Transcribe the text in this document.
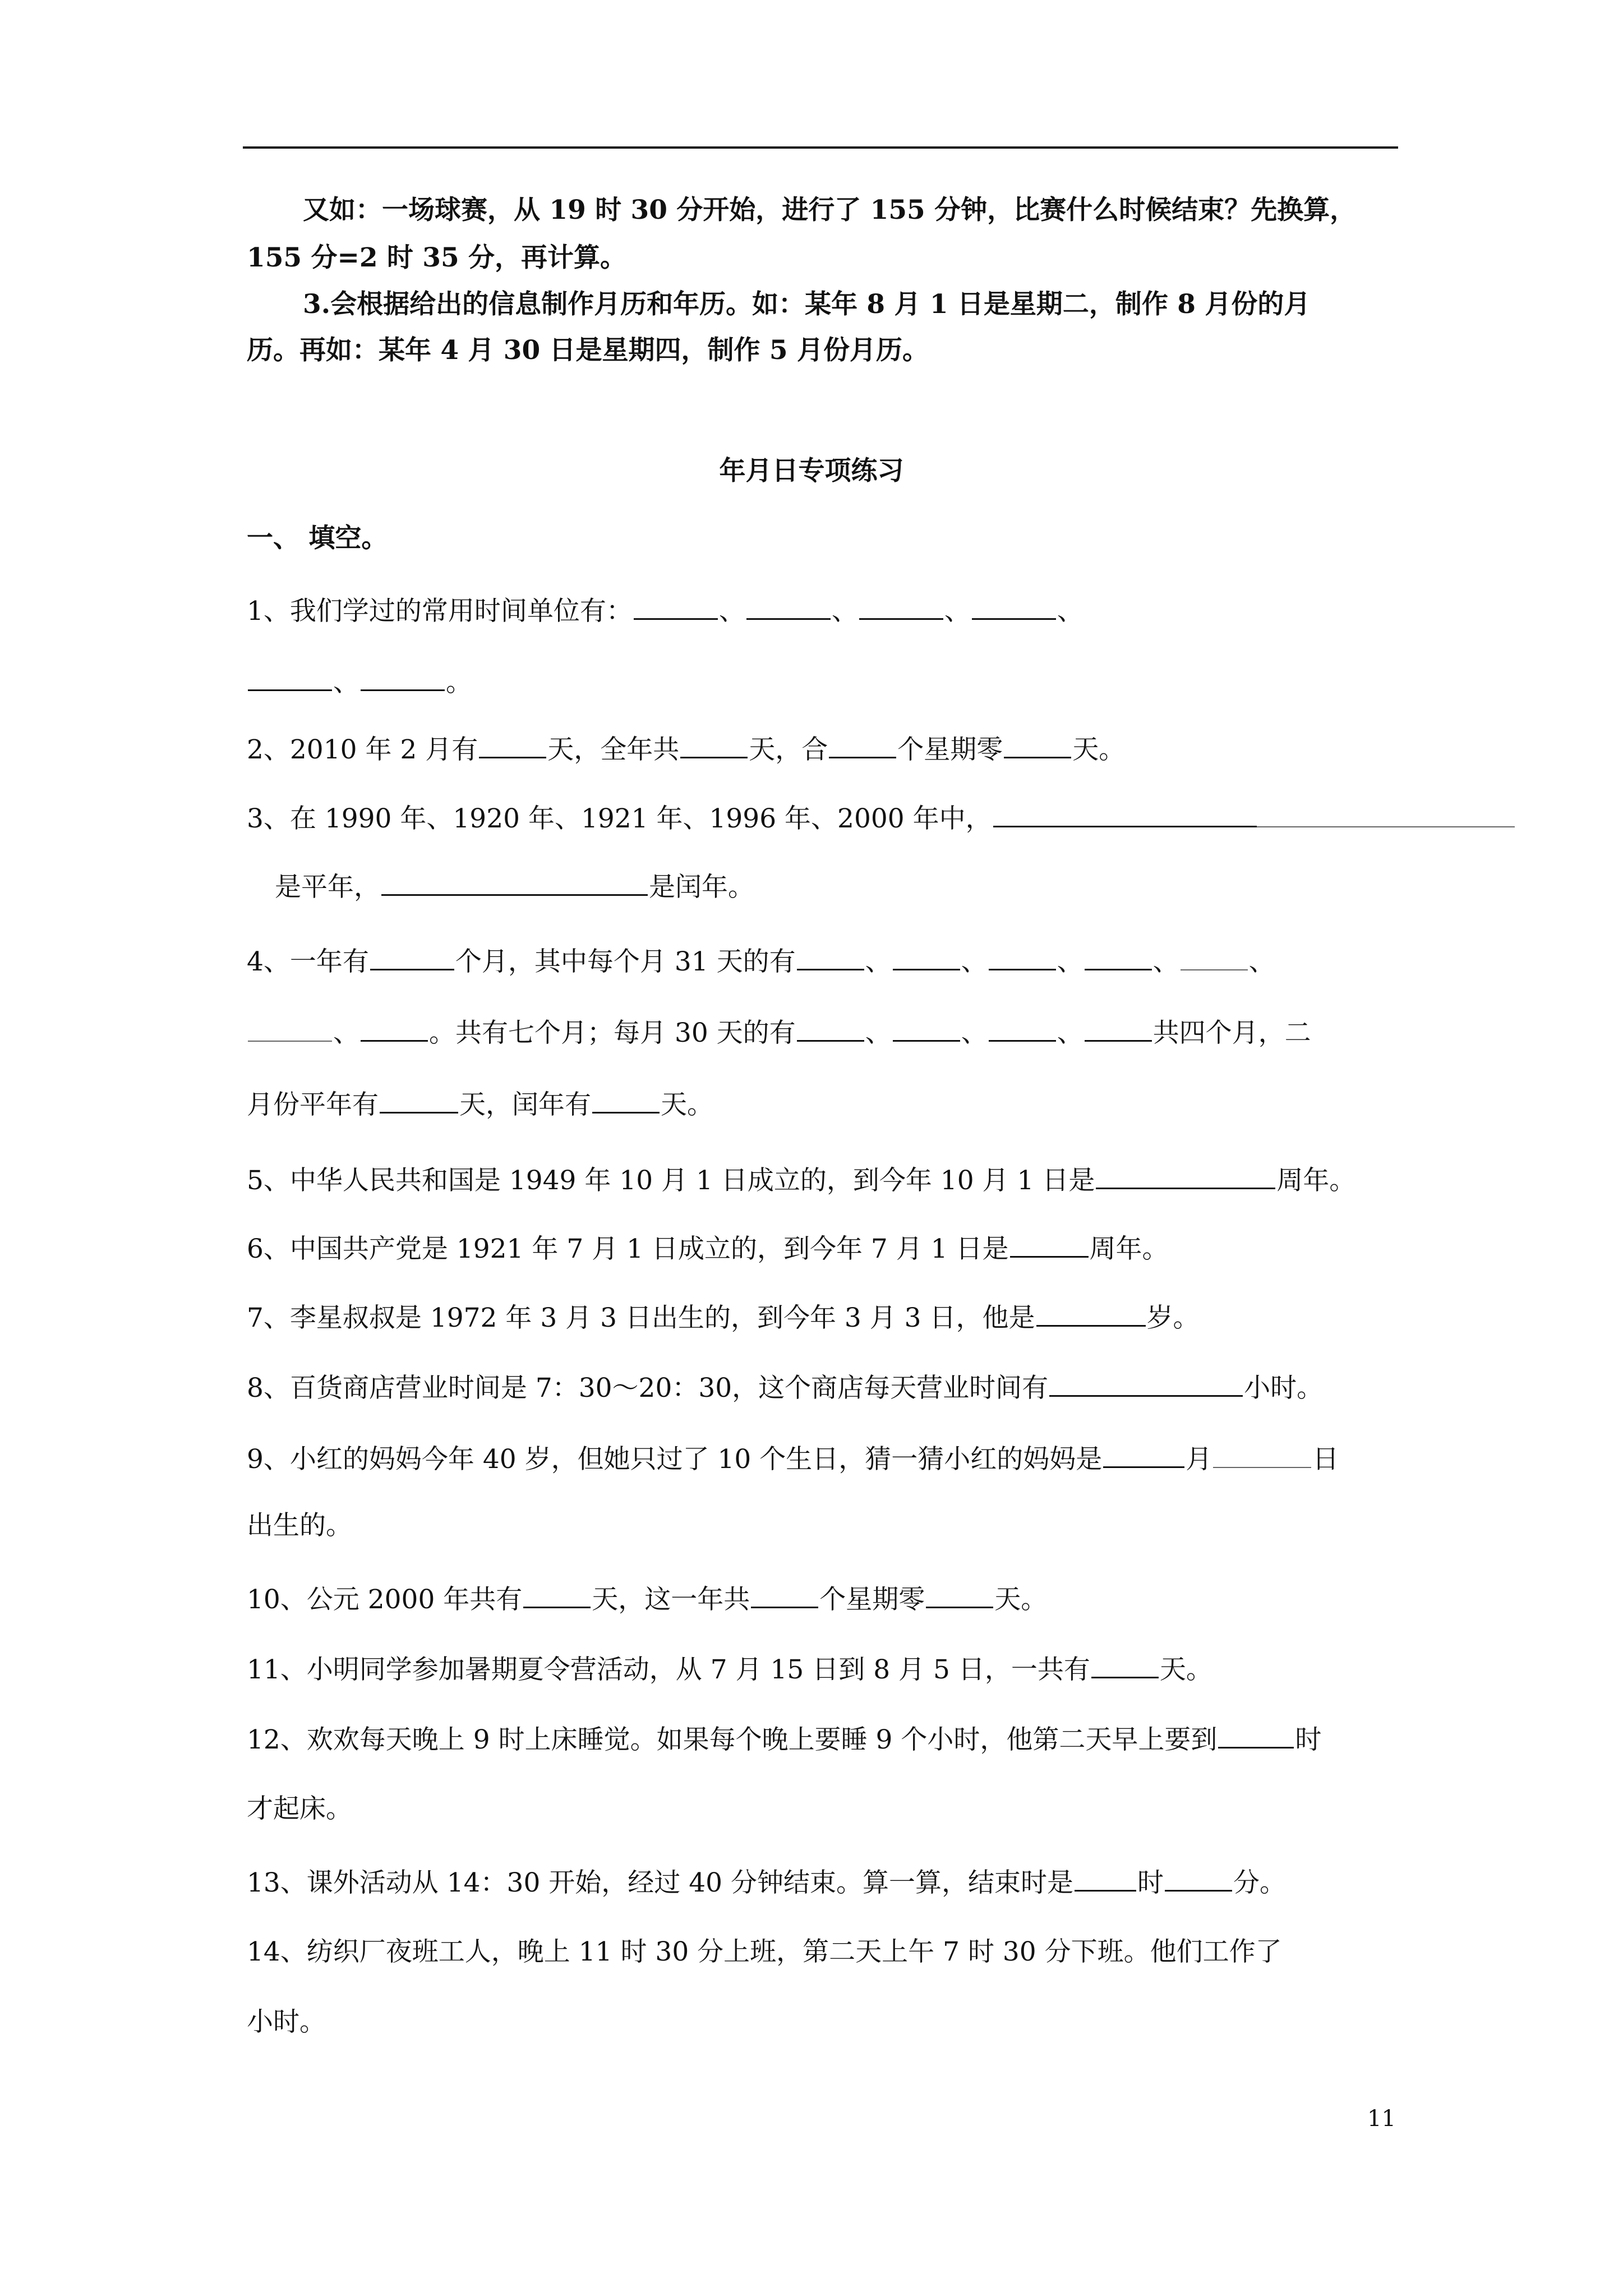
又如：一场球赛，从 19 时 30 分开始，进行了 155 分钟，比赛什么时候结束？先换算，
155 分=2 时 35 分，再计算。
3.会根据给出的信息制作月历和年历。如：某年 8 月 1 日是星期二，制作 8 月份的月
历。再如：某年 4 月 30 日是星期四，制作 5 月份月历。
年月日专项练习
一、 填空。
1、我们学过的常用时间单位有：	、	、	、	、
、	。
2、2010 年 2 月有	天，全年共	天，合	个星期零	天。
3、在 1990 年、1920 年、1921 年、1996 年、2000 年中，
是平年，	是闰年。
4、一年有	个月，其中每个月 31 天的有	、	、	、	、	、
、	。共有七个月；每月 30 天的有	、	、	、	共四个月，二
月份平年有	天，闰年有	天。
5、中华人民共和国是 1949 年 10 月 1 日成立的，到今年 10 月 1 日是	周年。
6、中国共产党是 1921 年 7 月 1 日成立的，到今年 7 月 1 日是	周年。
7、李星叔叔是 1972 年 3 月 3 日出生的，到今年 3 月 3 日，他是	岁。
8、百货商店营业时间是 7：30～20：30，这个商店每天营业时间有	小时。
9、小红的妈妈今年 40 岁，但她只过了 10 个生日，猜一猜小红的妈妈是	月	日
出生的。
10、公元 2000 年共有	天，这一年共	个星期零	天。
11、小明同学参加暑期夏令营活动，从 7 月 15 日到 8 月 5 日，一共有	天。
12、欢欢每天晚上 9 时上床睡觉。如果每个晚上要睡 9 个小时，他第二天早上要到	时
才起床。
13、课外活动从 14：30 开始，经过 40 分钟结束。算一算，结束时是 时	分。
14、纺织厂夜班工人，晚上 11 时 30 分上班，第二天上午 7 时 30 分下班。他们工作了
小时。
11
